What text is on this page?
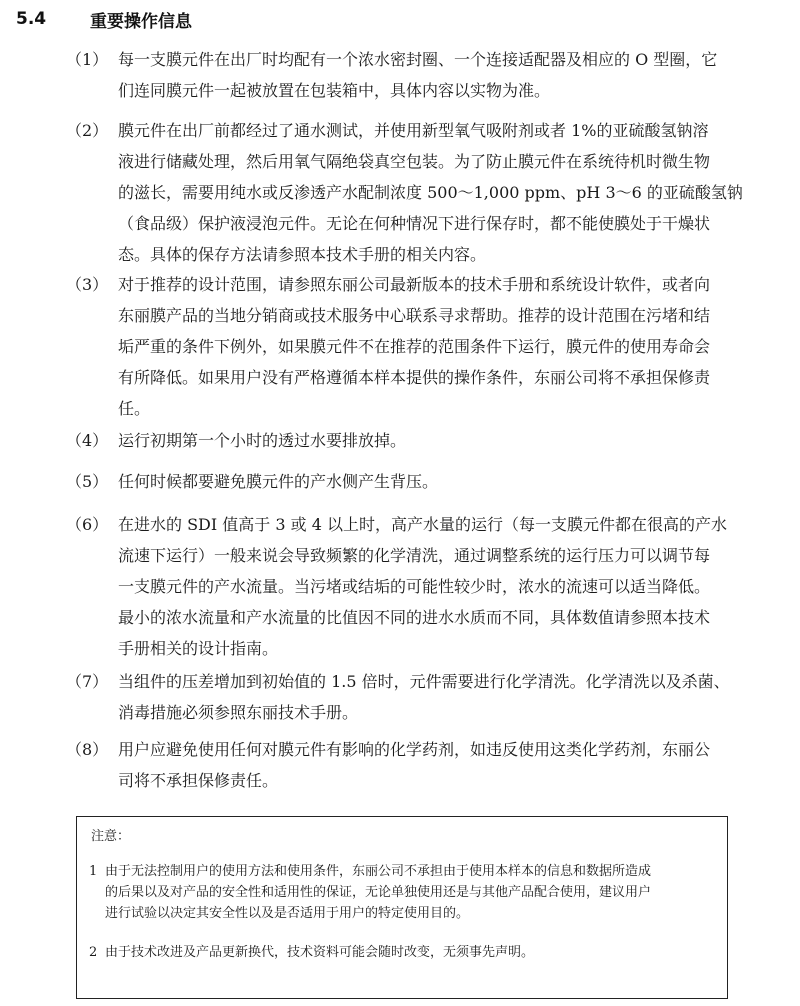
5.4	重要操作信息
（1） 每一支膜元件在出厂时均配有一个浓水密封圈、一个连接适配器及相应的 O 型圈，它
们连同膜元件一起被放置在包装箱中，具体内容以实物为准。
（2） 膜元件在出厂前都经过了通水测试，并使用新型氧气吸附剂或者 1%的亚硫酸氢钠溶
液进行储藏处理，然后用氧气隔绝袋真空包装。为了防止膜元件在系统待机时微生物
的滋长，需要用纯水或反渗透产水配制浓度 500～1,000 ppm、pH 3～6 的亚硫酸氢钠
（食品级）保护液浸泡元件。无论在何种情况下进行保存时，都不能使膜处于干燥状
态。具体的保存方法请参照本技术手册的相关内容。
（3） 对于推荐的设计范围，请参照东丽公司最新版本的技术手册和系统设计软件，或者向
东丽膜产品的当地分销商或技术服务中心联系寻求帮助。推荐的设计范围在污堵和结
垢严重的条件下例外，如果膜元件不在推荐的范围条件下运行，膜元件的使用寿命会
有所降低。如果用户没有严格遵循本样本提供的操作条件，东丽公司将不承担保修责
任。
（4） 运行初期第一个小时的透过水要排放掉。
（5） 任何时候都要避免膜元件的产水侧产生背压。
（6） 在进水的 SDI 值高于 3 或 4 以上时，高产水量的运行（每一支膜元件都在很高的产水
流速下运行）一般来说会导致频繁的化学清洗，通过调整系统的运行压力可以调节每
一支膜元件的产水流量。当污堵或结垢的可能性较少时，浓水的流速可以适当降低。
最小的浓水流量和产水流量的比值因不同的进水水质而不同，具体数值请参照本技术
手册相关的设计指南。
（7） 当组件的压差增加到初始值的 1.5 倍时，元件需要进行化学清洗。化学清洗以及杀菌、
消毒措施必须参照东丽技术手册。
（8） 用户应避免使用任何对膜元件有影响的化学药剂，如违反使用这类化学药剂，东丽公
司将不承担保修责任。
注意：
1 由于无法控制用户的使用方法和使用条件，东丽公司不承担由于使用本样本的信息和数据所造成
的后果以及对产品的安全性和适用性的保证，无论单独使用还是与其他产品配合使用，建议用户
进行试验以决定其安全性以及是否适用于用户的特定使用目的。
2 由于技术改进及产品更新换代，技术资料可能会随时改变，无须事先声明。
